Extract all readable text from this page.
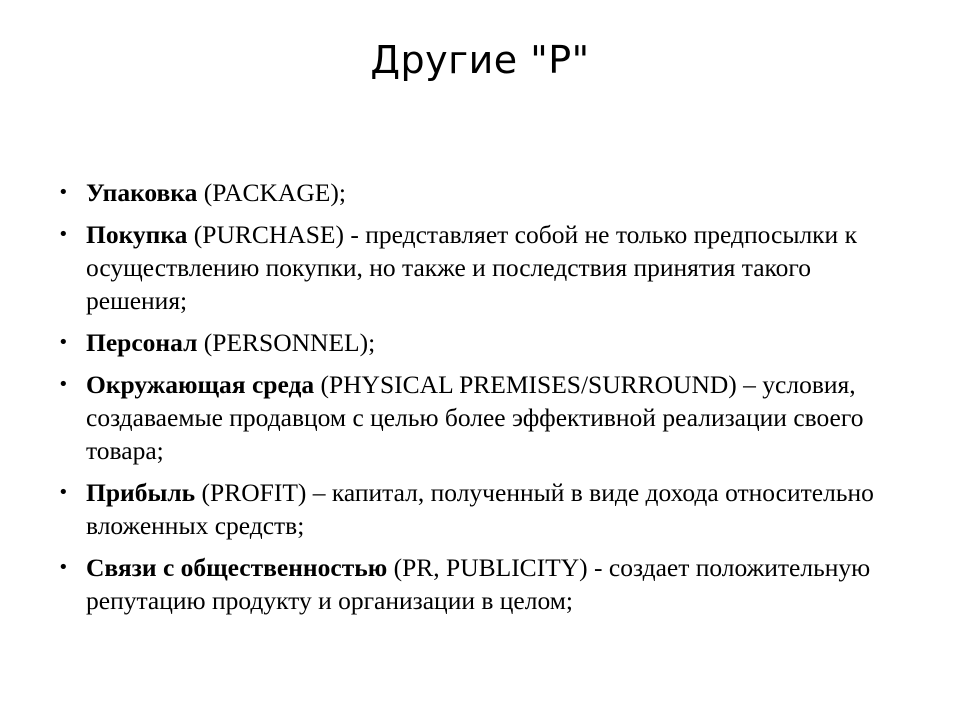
Другие "P"
• Упаковка (PACKAGE);
• Покупка (PURCHASE) - представляет собой не только предпосылки к осуществлению покупки, но также и последствия принятия такого решения;
• Персонал (PERSONNEL);
• Окружающая среда (PHYSICAL PREMISES/SURROUND) – условия, создаваемые продавцом с целью более эффективной реализации своего товара;
• Прибыль (PROFIT) – капитал, полученный в виде дохода относительно вложенных средств;
• Связи с общественностью (PR, PUBLICITY) - создает положительную репутацию продукту и организации в целом;
